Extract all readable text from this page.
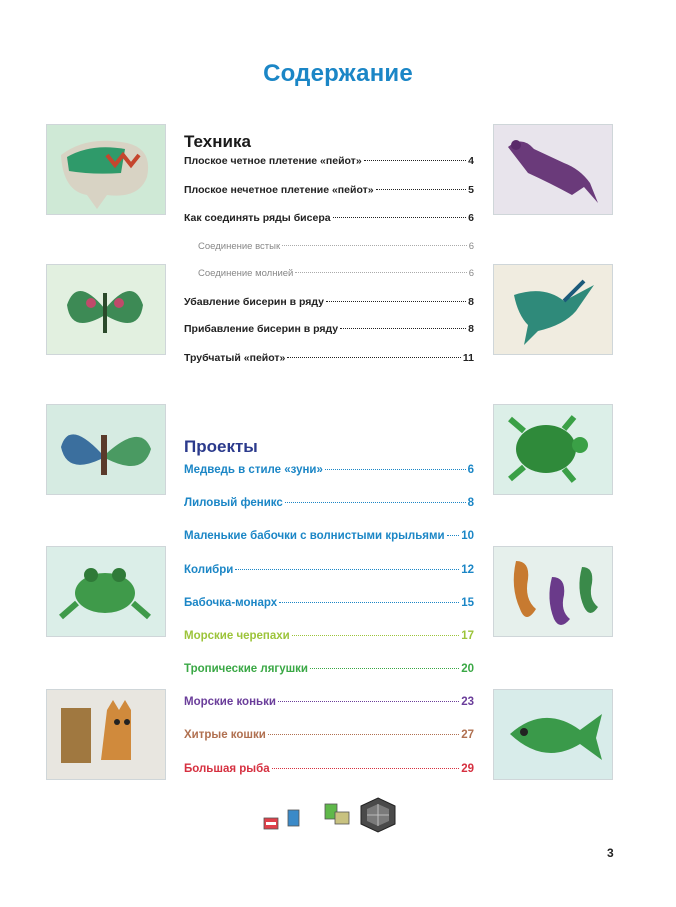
Содержание
Техника
Плоское четное плетение «пейот»	4
Плоское нечетное плетение «пейот»	5
Как соединять ряды бисера	6
Соединение встык	6
Соединение молнией	6
Убавление бисерин в ряду	8
Прибавление бисерин в ряду	8
Трубчатый «пейот»	11
Проекты
Медведь в стиле «зуни»	6
Лиловый феникс	8
Маленькие бабочки с волнистыми крыльями 10
Колибри	12
Бабочка-монарх	15
Морские черепахи	17
Тропические лягушки	20
Морские коньки	23
Хитрые кошки	27
Большая рыба	29
3
